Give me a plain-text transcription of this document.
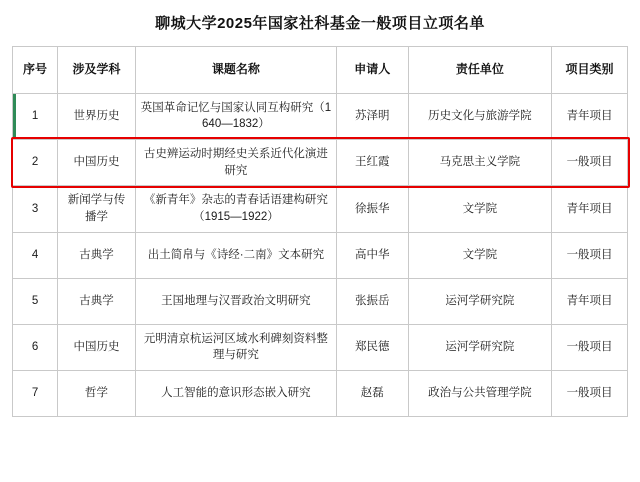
聊城大学2025年国家社科基金一般项目立项名单
序号	涉及学科	课题名称	申请人	责任单位	项目类别
1	世界历史	英国革命记忆与国家认同互构研究（1640—1832）	苏泽明	历史文化与旅游学院	青年项目
2	中国历史	古史辨运动时期经史关系近代化演进研究	王红霞	马克思主义学院	一般项目
3	新闻学与传播学	《新青年》杂志的青春话语建构研究（1915—1922）	徐振华	文学院	青年项目
4	古典学	出土简帛与《诗经·二南》文本研究	高中华	文学院	一般项目
5	古典学	王国地理与汉晋政治文明研究	张振岳	运河学研究院	青年项目
6	中国历史	元明清京杭运河区域水利碑刻资料整理与研究	郑民德	运河学研究院	一般项目
7	哲学	人工智能的意识形态嵌入研究	赵磊	政治与公共管理学院	一般项目
